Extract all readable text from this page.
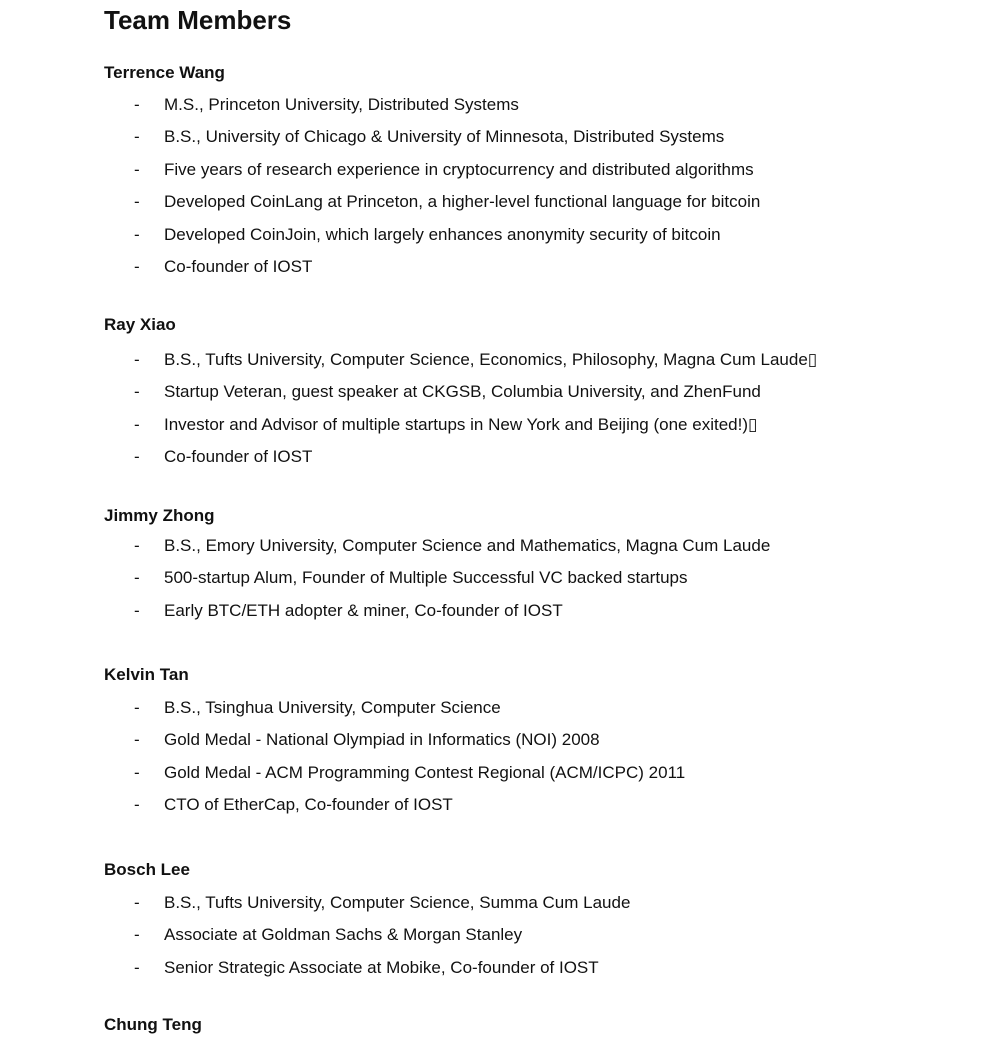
Team Members
Terrence Wang
- M.S., Princeton University, Distributed Systems
- B.S., University of Chicago & University of Minnesota, Distributed Systems
- Five years of research experience in cryptocurrency and distributed algorithms
- Developed CoinLang at Princeton, a higher-level functional language for bitcoin
- Developed CoinJoin, which largely enhances anonymity security of bitcoin
- Co-founder of IOST
Ray Xiao
- B.S., Tufts University, Computer Science, Economics, Philosophy, Magna Cum Laude▯
- Startup Veteran, guest speaker at CKGSB, Columbia University, and ZhenFund
- Investor and Advisor of multiple startups in New York and Beijing (one exited!)▯
- Co-founder of IOST
Jimmy Zhong
- B.S., Emory University, Computer Science and Mathematics, Magna Cum Laude
- 500-startup Alum, Founder of Multiple Successful VC backed startups
- Early BTC/ETH adopter & miner, Co-founder of IOST
Kelvin Tan
- B.S., Tsinghua University, Computer Science
- Gold Medal - National Olympiad in Informatics (NOI) 2008
- Gold Medal - ACM Programming Contest Regional (ACM/ICPC) 2011
- CTO of EtherCap, Co-founder of IOST
Bosch Lee
- B.S., Tufts University, Computer Science, Summa Cum Laude
- Associate at Goldman Sachs & Morgan Stanley
- Senior Strategic Associate at Mobike, Co-founder of IOST
Chung Teng
